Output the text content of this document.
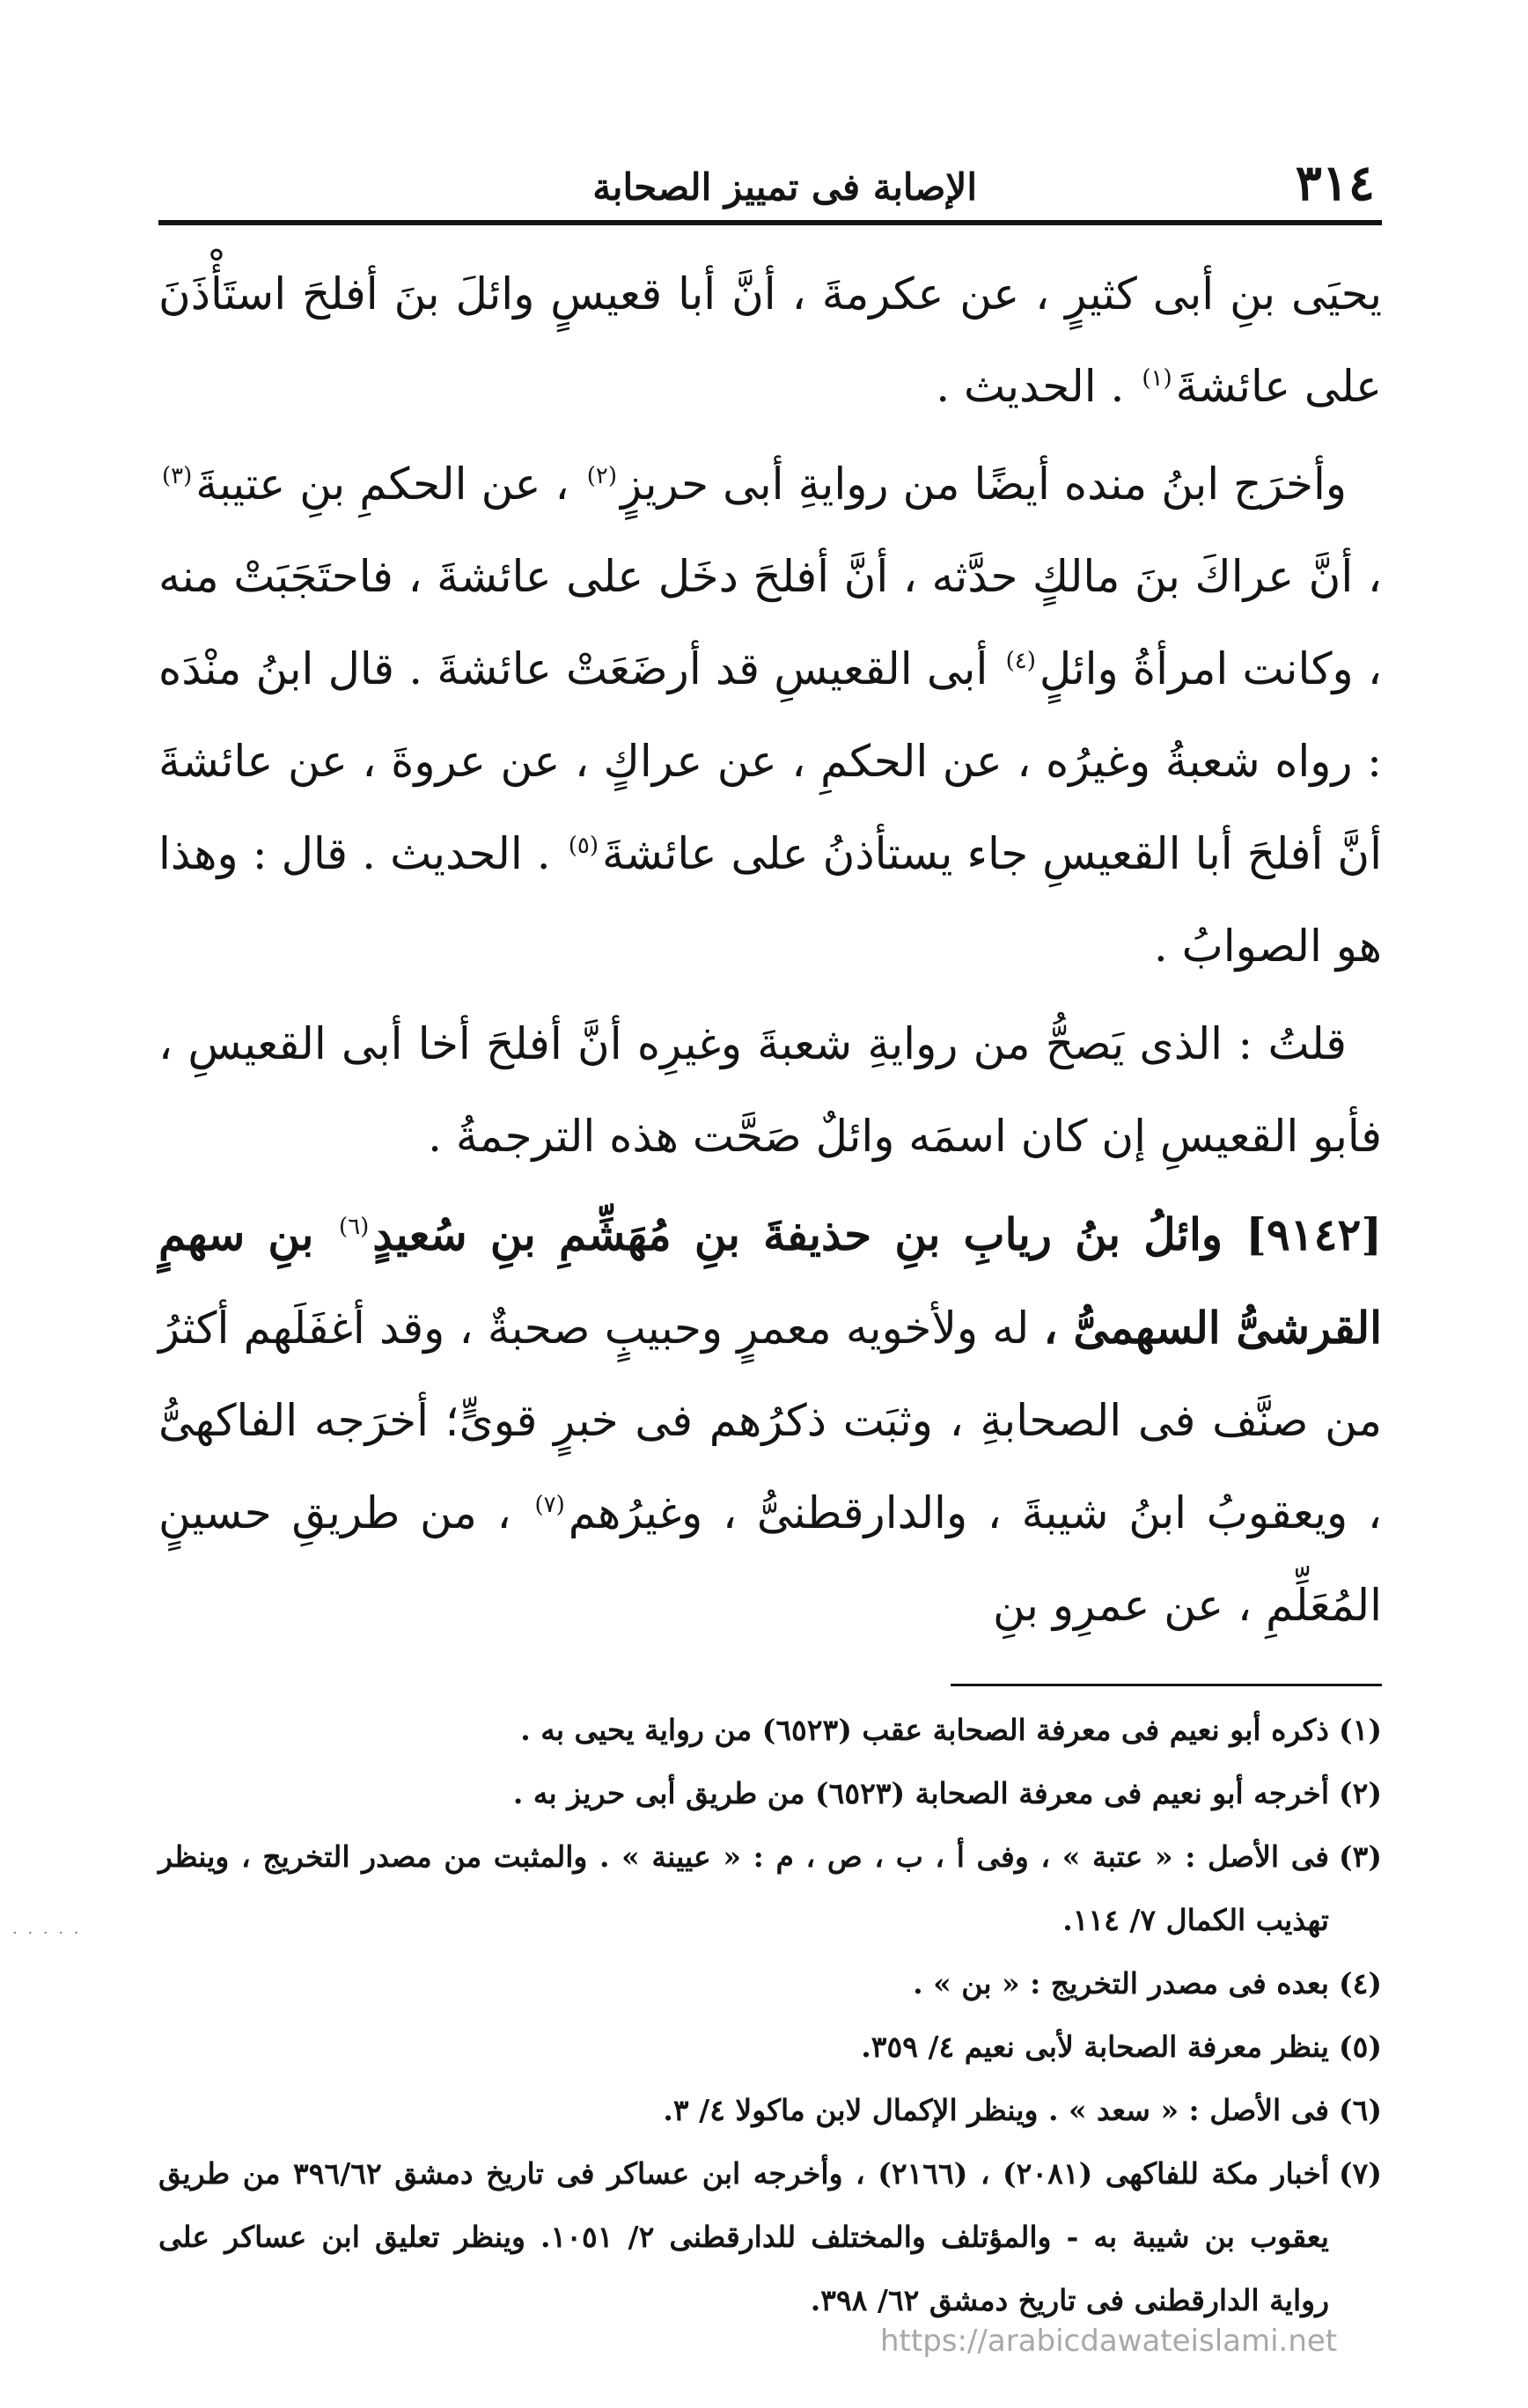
٣١٤
الإصابة فى تمييز الصحابة

يحيَى بنِ أبى كثيرٍ ، عن عكرمةَ ، أنَّ أبا قعيسٍ وائلَ بنَ أفلحَ استَأْذَنَ على عائشةَ$^{(١)}$ . الحديث .

وأخرَج ابنُ منده أيضًا من روايةِ أبى حريزٍ$^{(٢)}$ ، عن الحكمِ بنِ عتيبةَ$^{(٣)}$ ، أنَّ عراكَ بنَ مالكٍ حدَّثه ، أنَّ أفلحَ دخَل على عائشةَ ، فاحتَجَبَتْ منه ، وكانت امرأةُ وائلٍ$^{(٤)}$ أبى القعيسِ قد أرضَعَتْ عائشةَ . قال ابنُ منْدَه : رواه شعبةُ وغيرُه ، عن الحكمِ ، عن عراكٍ ، عن عروةَ ، عن عائشةَ أنَّ أفلحَ أبا القعيسِ جاء يستأذنُ على عائشةَ$^{(٥)}$ . الحديث . قال : وهذا هو الصوابُ .

قلتُ : الذى يَصحُّ من روايةِ شعبةَ وغيرِه أنَّ أفلحَ أخا أبى القعيسِ ، فأبو القعيسِ إن كان اسمَه وائلٌ صَحَّت هذه الترجمةُ .

[٩١٤٢] وائلُ بنُ ريابِ بنِ حذيفةَ بنِ مُهَشِّمِ بنِ سُعيدٍ$^{(٦)}$ بنِ سهمٍ القرشىُّ السهمىُّ ، له ولأخويه معمرٍ وحبيبٍ صحبةٌ ، وقد أغفَلَهم أكثرُ من صنَّف فى الصحابةِ ، وثبَت ذكرُهم فى خبرٍ قوىٍّ؛ أخرَجه الفاكهىُّ ، ويعقوبُ ابنُ شيبةَ ، والدارقطنىُّ ، وغيرُهم$^{(٧)}$ ، من طريقِ حسينٍ المُعَلِّمِ ، عن عمرِو بنِ

(١)
ذكره أبو نعيم فى معرفة الصحابة عقب (٦٥٢٣) من رواية يحيى به .

(٢)
أخرجه أبو نعيم فى معرفة الصحابة (٦٥٢٣) من طريق أبى حريز به .

(٣)
فى الأصل : « عتبة » ، وفى أ ، ب ، ص ، م : « عيينة » . والمثبت من مصدر التخريج ، وينظر تهذيب الكمال ٧/ ١١٤.

(٤)
بعده فى مصدر التخريج : « بن » .

(٥)
ينظر معرفة الصحابة لأبى نعيم ٤/ ٣٥٩.

(٦)
فى الأصل : « سعد » . وينظر الإكمال لابن ماكولا ٤/ ٣.

(٧)
أخبار مكة للفاكهى (٢٠٨١) ، (٢١٦٦) ، وأخرجه ابن عساكر فى تاريخ دمشق ٣٩٦/٦٢ من طريق يعقوب بن شيبة به - والمؤتلف والمختلف للدارقطنى ٢/ ١٠٥١. وينظر تعليق ابن عساكر على رواية الدارقطنى فى تاريخ دمشق ٦٢/ ٣٩٨.

· · · · ·
https://arabicdawateislami.net
